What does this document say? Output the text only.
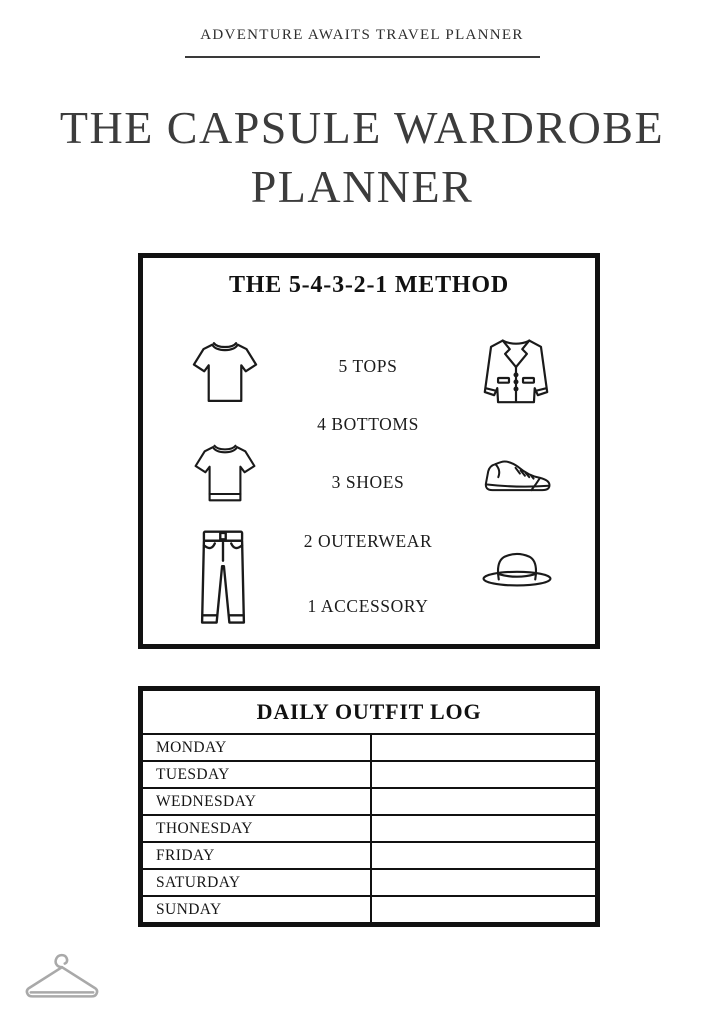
ADVENTURE AWAITS TRAVEL PLANNER
THE CAPSULE WARDROBE PLANNER
THE 5-4-3-2-1 METHOD
5 TOPS
4 BOTTOMS
3 SHOES
2 OUTERWEAR
1 ACCESSORY
DAILY OUTFIT LOG
MONDAY
TUESDAY
WEDNESDAY
THONESDAY
FRIDAY
SATURDAY
SUNDAY
